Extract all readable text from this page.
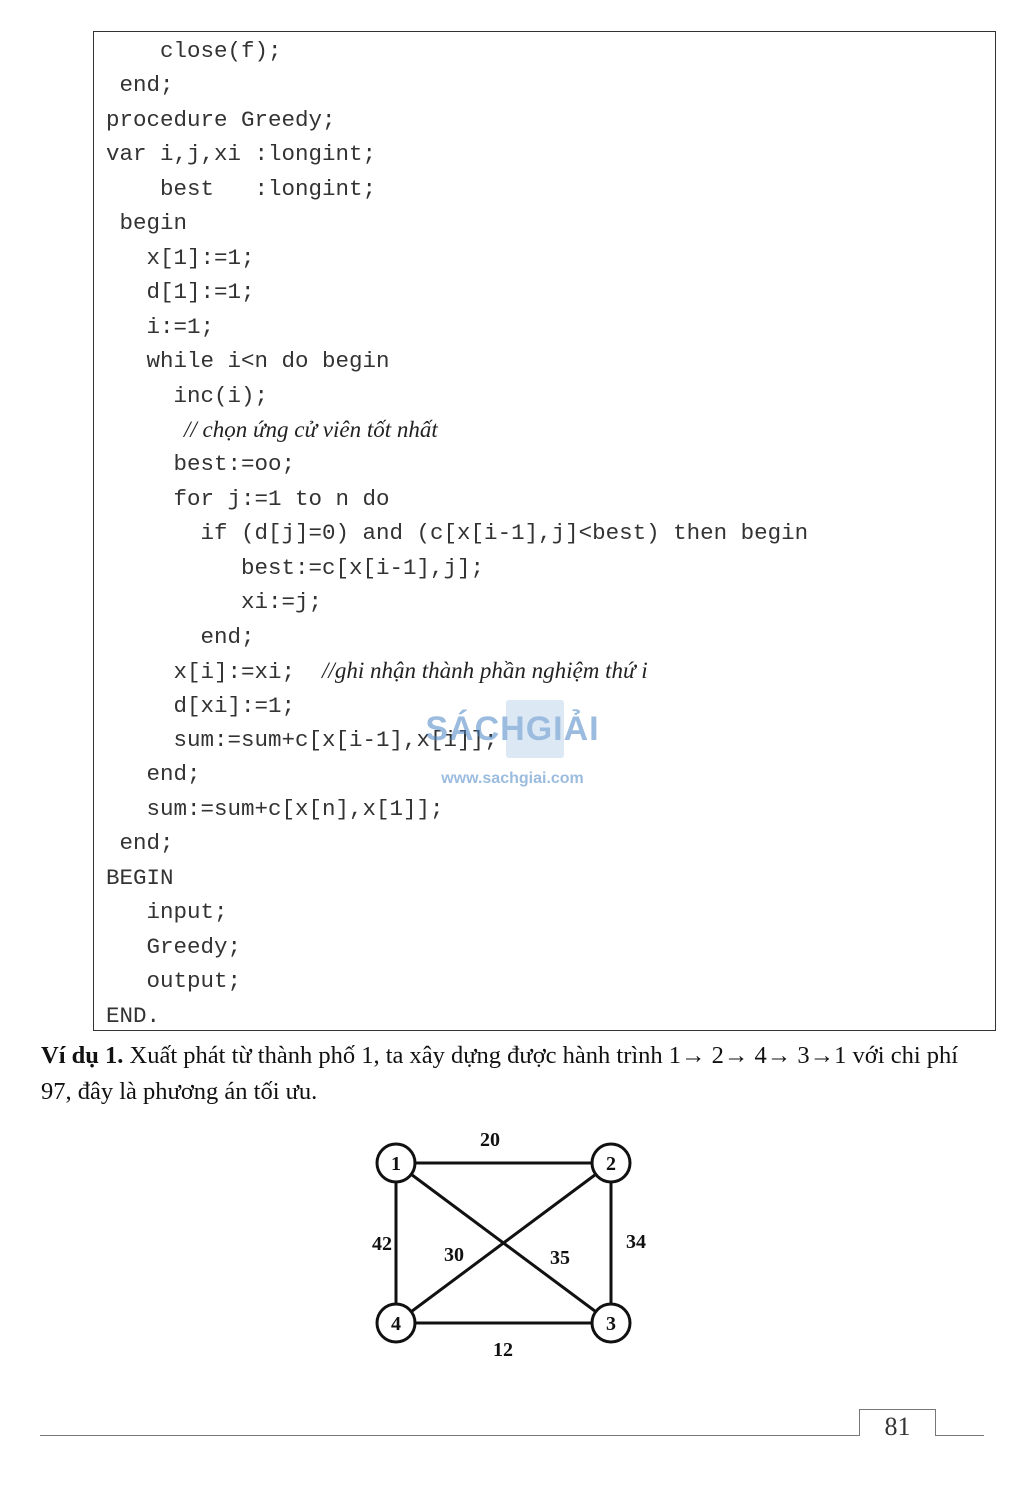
close(f);
end;
procedure Greedy;
var i,j,xi :longint;
best   :longint;
begin
x[1]:=1;
d[1]:=1;
i:=1;
while i<n do begin
inc(i);
// chọn ứng cử viên tốt nhất
best:=oo;
for j:=1 to n do
if (d[j]=0) and (c[x[i-1],j]<best) then begin
best:=c[x[i-1],j];
xi:=j;
end;
x[i]:=xi;  //ghi nhận thành phần nghiệm thứ i
d[xi]:=1;
sum:=sum+c[x[i-1],x[i]];
end;
sum:=sum+c[x[n],x[1]];
end;
BEGIN
input;
Greedy;
output;
END.
SÁCHGIẢI
www.sachgiai.com
Ví dụ 1. Xuất phát từ thành phố 1, ta xây dựng được hành trình 1→ 2→ 4→ 3→1 với chi phí 97, đây là phương án tối ưu.
20
34
12
42
35
30
1	2
3
4
81
